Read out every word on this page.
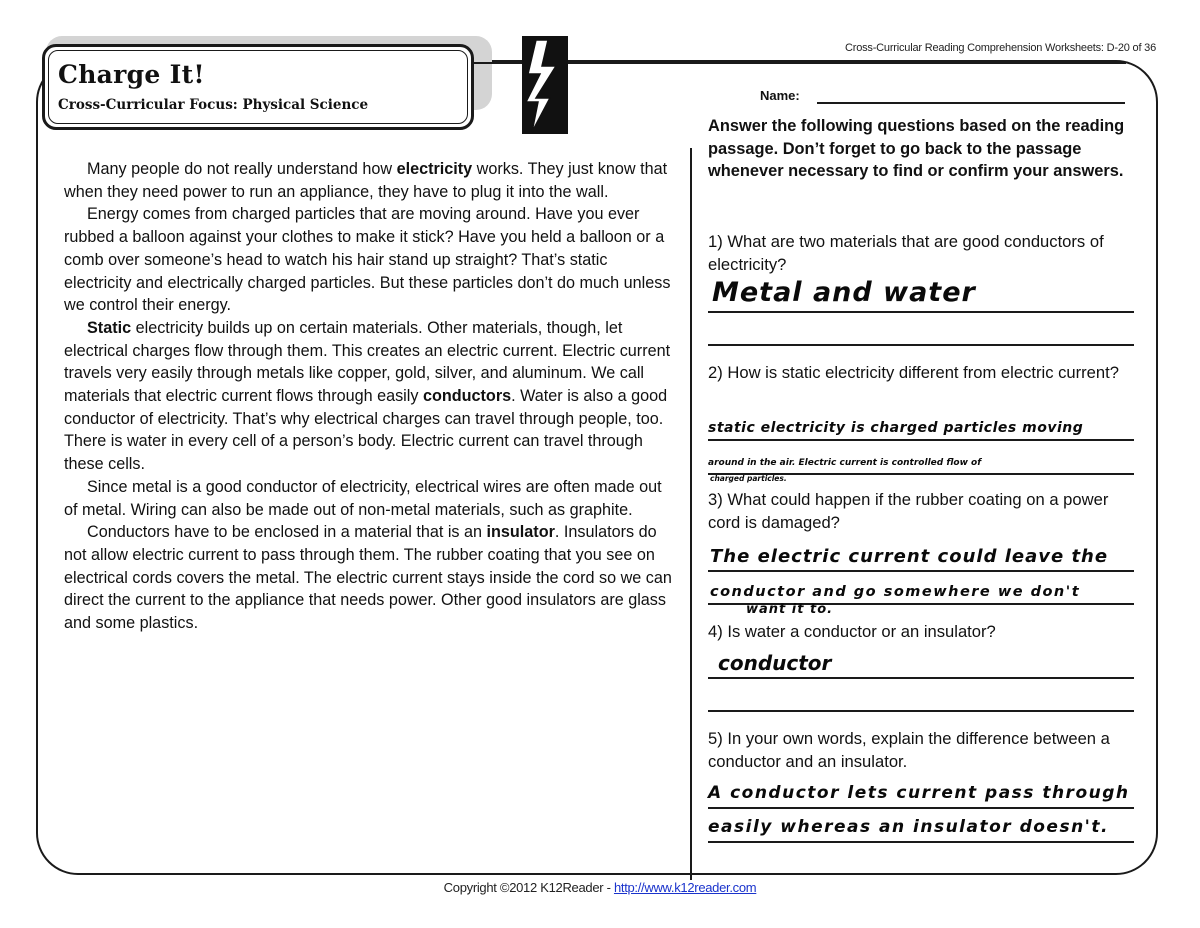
Cross-Curricular Reading Comprehension Worksheets: D-20 of 36
Charge It!
Cross-Curricular Focus: Physical Science
Name:

Many people do not really understand how electricity works. They just know that when they need power to run an appliance, they have to plug it into the wall.

Energy comes from charged particles that are moving around. Have you ever rubbed a balloon against your clothes to make it stick? Have you held a balloon or a comb over someone’s head to watch his hair stand up straight? That’s static electricity and electrically charged particles. But these particles don’t do much unless we control their energy.

Static electricity builds up on certain materials. Other materials, though, let electrical charges flow through them. This creates an electric current. Electric current travels very easily through metals like copper, gold, silver, and aluminum. We call materials that electric current flows through easily conductors. Water is also a good conductor of electricity. That’s why electrical charges can travel through people, too. There is water in every cell of a person’s body. Electric current can travel through these cells.

Since metal is a good conductor of electricity, electrical wires are often made out of metal. Wiring can also be made out of non-metal materials, such as graphite.

Conductors have to be enclosed in a material that is an insulator. Insulators do not allow electric current to pass through them. The rubber coating that you see on electrical cords covers the metal. The electric current stays inside the cord so we can direct the current to the appliance that needs power. Other good insulators are glass and some plastics.

Answer the following questions based on the reading passage. Don’t forget to go back to the passage whenever necessary to find or confirm your answers.
1) What are two materials that are good conductors of electricity?
Metal and water
2) How is static electricity different from electric current?
static electricity is charged particles moving
around in the air. Electric current is controlled flow of
charged particles.
3) What could happen if the rubber coating on a power cord is damaged?
The electric current could leave the
conductor and go somewhere we don't
want it to.
4) Is water a conductor or an insulator?
conductor
5) In your own words, explain the difference between a conductor and an insulator.
A conductor lets current pass through
easily whereas an insulator doesn't.
Copyright ©2012 K12Reader - http://www.k12reader.com
